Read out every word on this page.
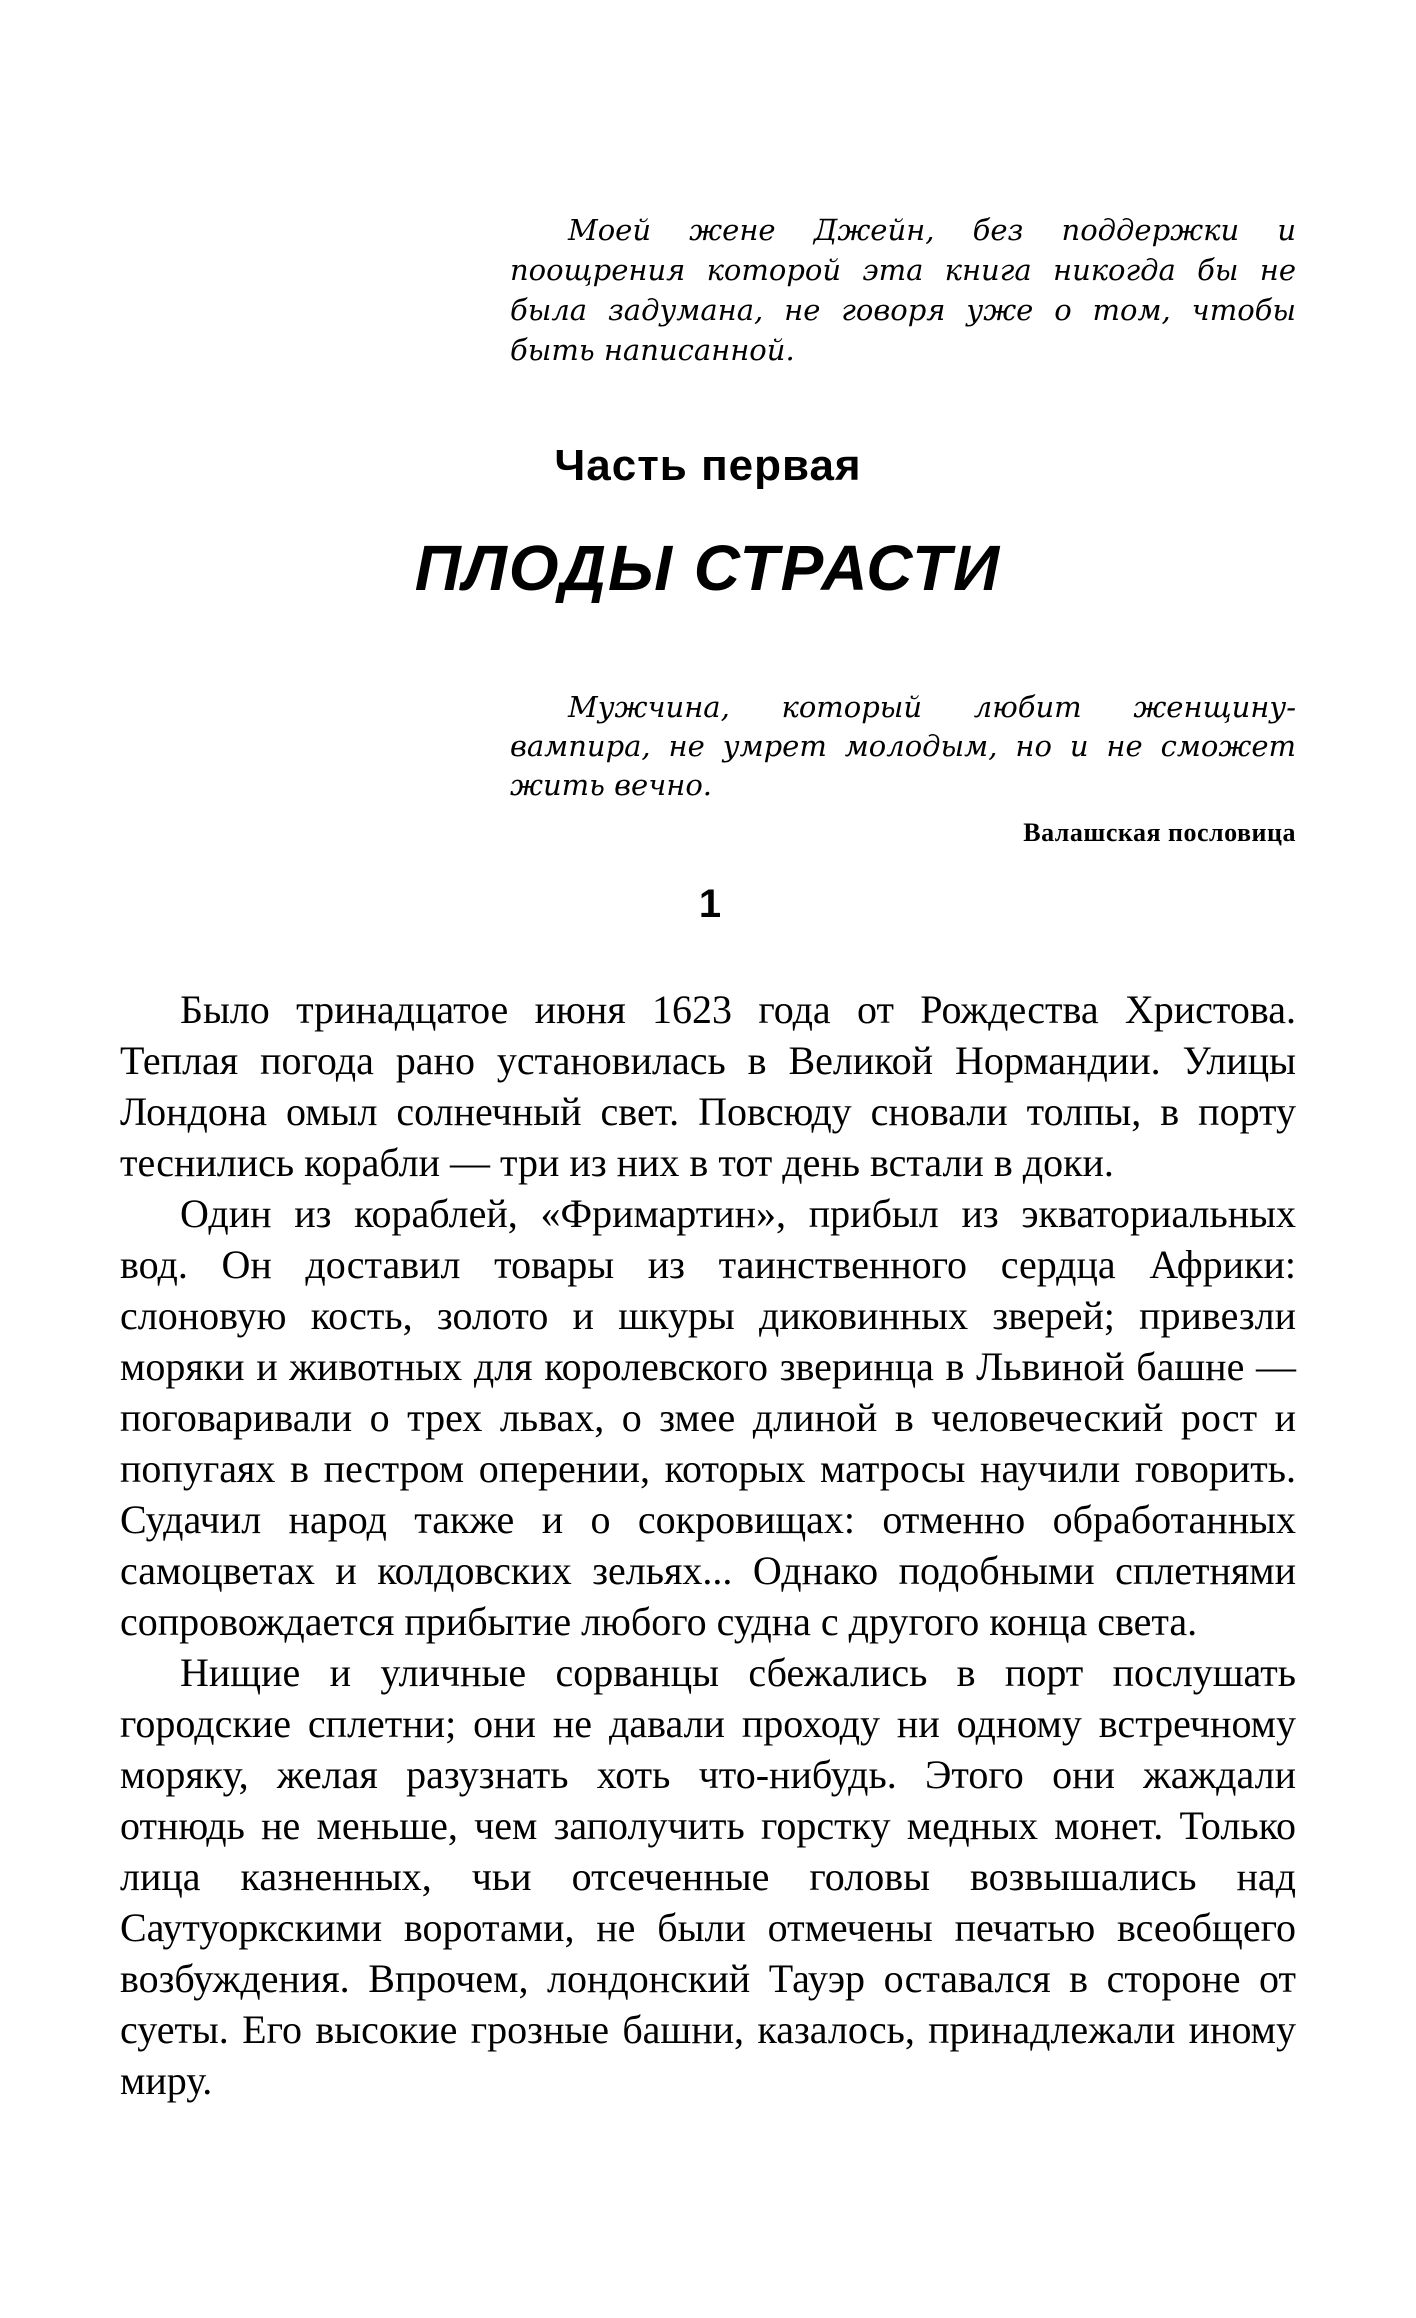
Моей жене Джейн, без поддержки и поощрения которой эта книга никогда бы не была задумана, не говоря уже о том, чтобы быть написанной.

Часть первая
ПЛОДЫ СТРАСТИ

Мужчина, который любит женщину-вампира, не умрет молодым, но и не сможет жить вечно.

Валашская пословица

1

Было тринадцатое июня 1623 года от Рождества Христова. Теплая погода рано установилась в Великой Нормандии. Улицы Лондона омыл солнечный свет. Повсюду сновали толпы, в порту теснились корабли — три из них в тот день встали в доки.

Один из кораблей, «Фримартин», прибыл из экваториальных вод. Он доставил товары из таинственного сердца Африки: слоновую кость, золото и шкуры диковинных зверей; привезли моряки и животных для королевского зверинца в Львиной башне — поговаривали о трех львах, о змее длиной в человеческий рост и попугаях в пестром оперении, которых матросы научили говорить. Судачил народ также и о сокровищах: отменно обработанных самоцветах и колдовских зельях... Однако подобными сплетнями сопровождается прибытие любого судна с другого конца света.

Нищие и уличные сорванцы сбежались в порт послушать городские сплетни; они не давали проходу ни одному встречному моряку, желая разузнать хоть что-нибудь. Этого они жаждали отнюдь не меньше, чем заполучить горстку медных монет. Только лица казненных, чьи отсеченные головы возвышались над Саутуоркскими воротами, не были отмечены печатью всеобщего возбуждения. Впрочем, лондонский Тауэр оставался в стороне от суеты. Его высокие грозные башни, казалось, принадлежали иному миру.
